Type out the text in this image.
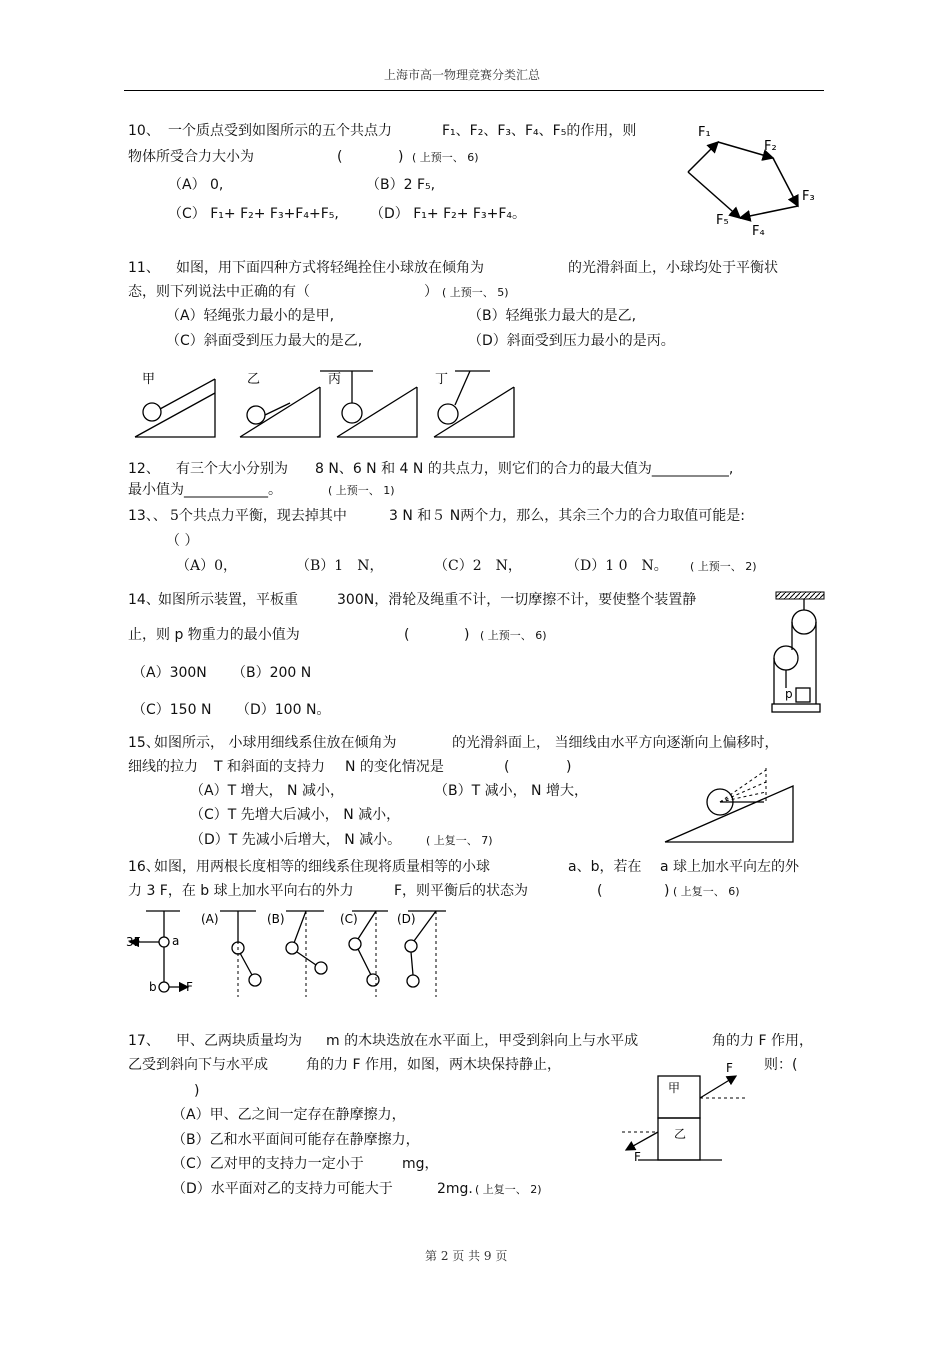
上海市高一物理竞赛分类汇总
10、 一个质点受到如图所示的五个共点力	F₁、F₂、F₃、F₄、F₅的作用，则
物体所受合力大小为	(	) ( 上预一、 6)
（A） 0,	（B）2 F₅,
（C） F₁+ F₂+ F₃+F₄+F₅, （D） F₁+ F₂+ F₃+F₄。
F₁
F₂
F₃
F₄
F₅
11、 如图，用下面四种方式将轻绳拴住小球放在倾角为	的光滑斜面上，小球均处于平衡状
态，则下列说法中正确的有（	） ( 上预一、 5)
（A）轻绳张力最小的是甲,	（B）轻绳张力最大的是乙,
（C）斜面受到压力最大的是乙,	（D）斜面受到压力最小的是丙。
甲	乙	丙	丁
12、 有三个大小分别为 8 N、6 N 和 4 N 的共点力，则它们的合力的最大值为___________,
最小值为____________。	( 上预一、 1)
13、、 5个共点力平衡，现去掉其中	3 N 和５ N两个力，那么，其余三个力的合力取值可能是:
（ ）
（A）0，	（B）1　N，	（C）2　N，	（D）1 0　N。 ( 上预一、 2)
14、
如图所示装置，平板重	300N，滑轮及绳重不计，一切摩擦不计，要使整个装置静
止，则 p 物重力的最小值为	(	) ( 上预一、 6)
（A）300N （B）200 N
（C）150 N （D）100 N。
p
15、
如图所示， 小球用细线系住放在倾角为	的光滑斜面上， 当细线由水平方向逐渐向上偏移时，
细线的拉力 T 和斜面的支持力 N 的变化情况是	(	)
（A）T 增大， N 减小，	（B）T 减小， N 增大，
（C）T 先增大后减小， N 减小，
（D）T 先减小后增大， N 减小。 ( 上复一、 7)
16、
如图，用两根长度相等的细线系住现将质量相等的小球	a、b，若在 a 球上加水平向左的外
力 3 F，在 b 球上加水平向右的外力	F，则平衡后的状态为	(	) ( 上复一、 6)
3F	a
b F
(A)	(B)	(C)	(D)
17、 甲、乙两块质量均为 m 的木块迭放在水平面上，甲受到斜向上与水平成	角的力 F 作用，
乙受到斜向下与水平成	角的力 F 作用，如图，两木块保持静止，	则：(
)
（A）甲、乙之间一定存在静摩擦力，
（B）乙和水平面间可能存在静摩擦力，
（C）乙对甲的支持力一定小于	mg，
（D）水平面对乙的支持力可能大于	2mg. ( 上复一、 2)
甲
乙
F
F
第 2 页 共 9 页
